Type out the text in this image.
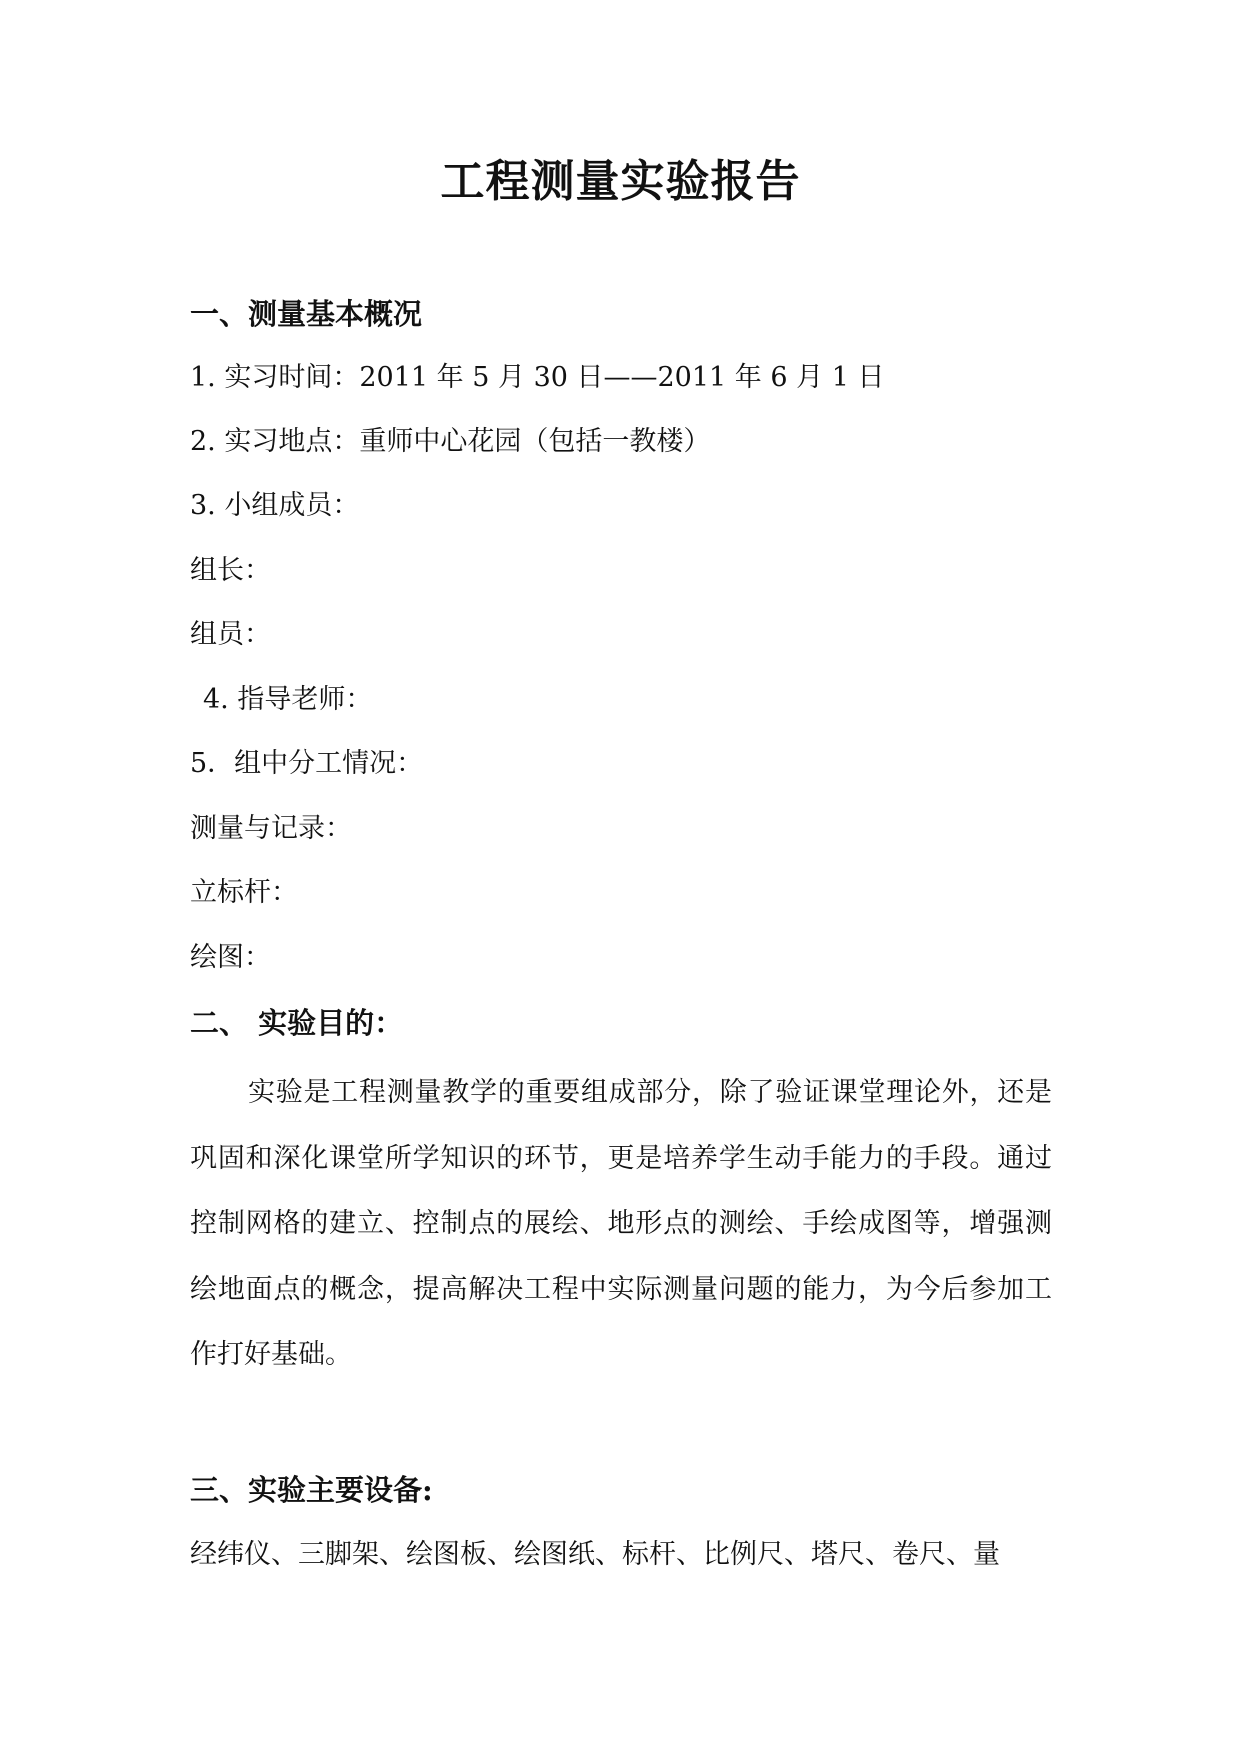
工程测量实验报告
一、测量基本概况
1. 实习时间：2011 年 5 月 30 日——2011 年 6 月 1 日
2. 实习地点：重师中心花园（包括一教楼）
3. 小组成员：
组长：
组员：
4. 指导老师：
5．组中分工情况：
测量与记录：
立标杆：
绘图：
二、 实验目的：
实验是工程测量教学的重要组成部分，除了验证课堂理论外，还是巩固和深化课堂所学知识的环节，更是培养学生动手能力的手段。通过控制网格的建立、控制点的展绘、地形点的测绘、手绘成图等，增强测绘地面点的概念，提高解决工程中实际测量问题的能力，为今后参加工作打好基础。
三、实验主要设备:
经纬仪、三脚架、绘图板、绘图纸、标杆、比例尺、塔尺、卷尺、量
